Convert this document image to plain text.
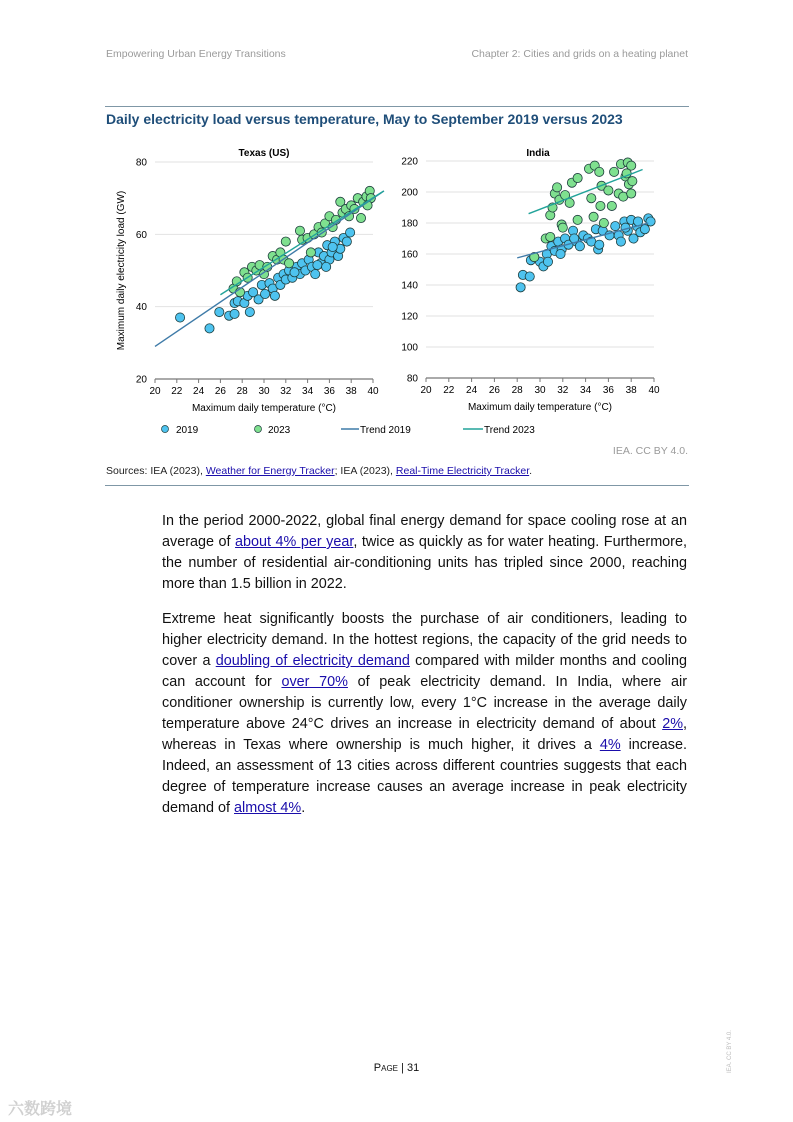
Empowering Urban Energy Transitions	Chapter 2: Cities and grids on a heating planet
Daily electricity load versus temperature, May to September 2019 versus 2023
Texas (US)
20
40
60
80
20 22 24 26 28 30 32 34 36 38 40
Maximum daily temperature (°C)
Maximum daily electricity load (GW)
India
80
100
120
140
160
180
200
220
20 22 24 26 28 30 32 34 36 38 40
Maximum daily temperature (°C)
2019	2023	Trend 2019	Trend 2023
IEA. CC BY 4.0.
Sources: IEA (2023), Weather for Energy Tracker; IEA (2023), Real-Time Electricity Tracker.

In the period 2000-2022, global final energy demand for space cooling rose at an average of about 4% per year, twice as quickly as for water heating. Furthermore, the number of residential air-conditioning units has tripled since 2000, reaching more than 1.5 billion in 2022.

Extreme heat significantly boosts the purchase of air conditioners, leading to higher electricity demand. In the hottest regions, the capacity of the grid needs to cover a doubling of electricity demand compared with milder months and cooling can account for over 70% of peak electricity demand. In India, where air conditioner ownership is currently low, every 1°C increase in the average daily temperature above 24°C drives an increase in electricity demand of about 2%, whereas in Texas where ownership is much higher, it drives a 4% increase. Indeed, an assessment of 13 cities across different countries suggests that each degree of temperature increase causes an average increase in peak electricity demand of almost 4%.

Page | 31	IEA. CC BY 4.0.
六数跨境
